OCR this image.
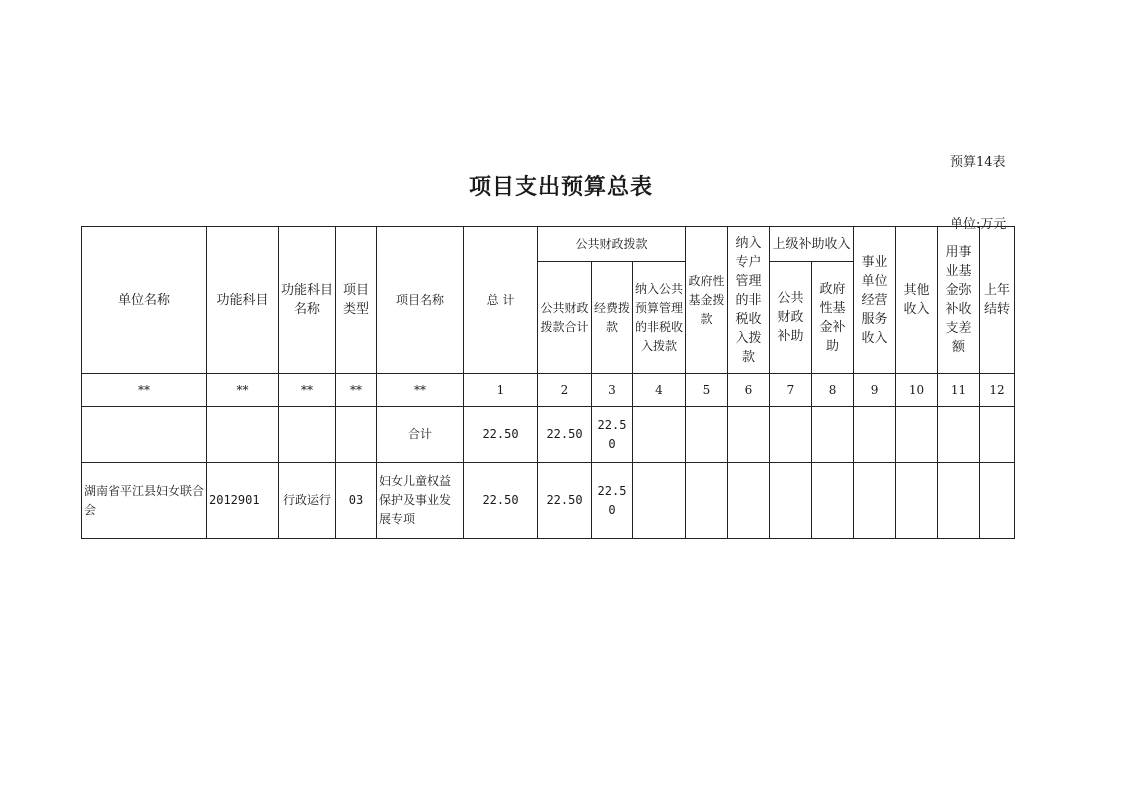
预算14表
项目支出预算总表
单位:万元
单位名称	功能科目	功能科目名称	项目类型	项目名称	总 计	公共财政拨款			政府性基金拨款	纳入专户管理的非税收入拨款	上级补助收入		事业单位经营服务收入	其他收入	用事业基金弥补收支差额	上年结转
						公共财政拨款合计	经费拨款	纳入公共预算管理的非税收入拨款			公共财政补助	政府性基金补助				
**	**	**	**	**	1	2	3	4	5	6	7	8	9	10	11	12
				合计	22.50	22.50	22.50									
湖南省平江县妇女联合会	2012901	行政运行	03	妇女儿童权益保护及事业发展专项	22.50	22.50	22.50									
